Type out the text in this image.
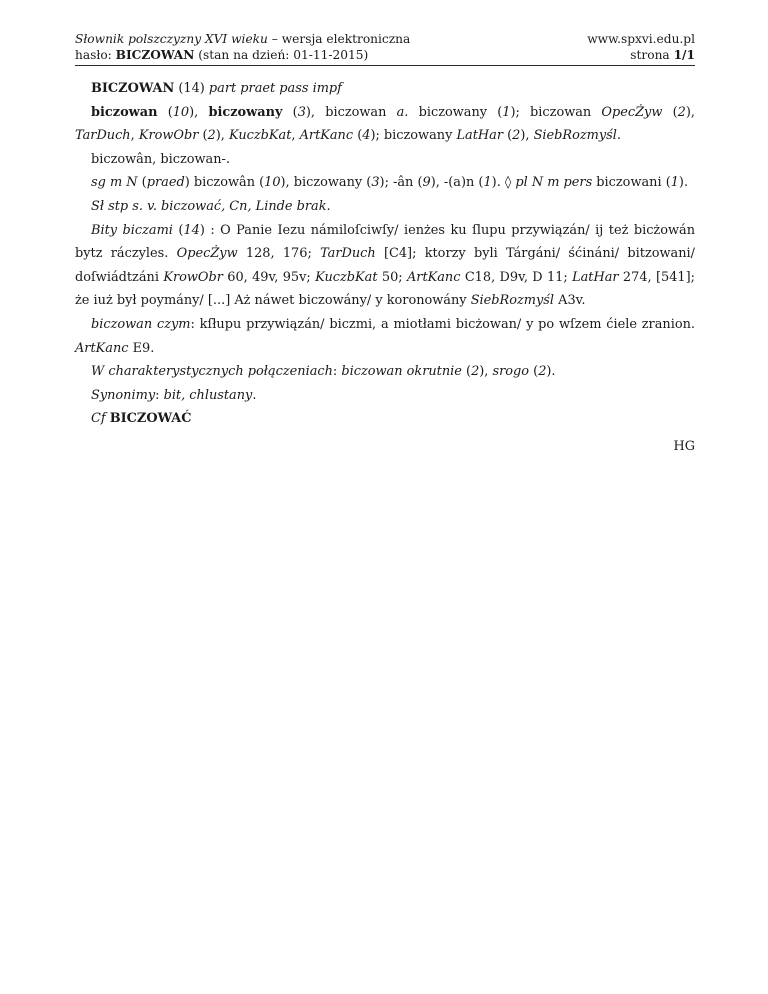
Słownik polszczyzny XVI wieku – wersja elektroniczna
hasło: BICZOWAN (stan na dzień: 01-11-2015)
www.spxvi.edu.pl
strona 1/1

BICZOWAN (14) part praet pass impf

biczowan (10), biczowany (3), biczowan a. biczowany (1); biczowan OpecŻyw (2), TarDuch, KrowObr (2), KuczbKat, ArtKanc (4); biczowany LatHar (2), SiebRozmyśl.

biczowân, biczowan-.

sg m N (praed) biczowân (10), biczowany (3); -ân (9), -(a)n (1). ◊ pl N m pers biczowani (1).

Sł stp s. v. biczować, Cn, Linde brak.

Bity biczami (14) : O Panie Iezu námiloſciwſy/ ienżes ku ſlupu przywiązán/ ij też bicżowán bytz ráczyles. OpecŻyw 128, 176; TarDuch [C4]; ktorzy byli Tárgáni/ śćináni/ bitzowani/ doſwiádtzáni KrowObr 60, 49v, 95v; KuczbKat 50; ArtKanc C18, D9v, D 11; LatHar 274, [541]; że iuż był poymány/ [...] Aż náwet biczowány/ y koronowány SiebRozmyśl A3v.

biczowan czym: kſłupu przywiązán/ biczmi, a miotłami bicżowan/ y po wſzem ćiele zranion. ArtKanc E9.

W charakterystycznych połączeniach: biczowan okrutnie (2), srogo (2).

Synonimy: bit, chlustany.

Cf BICZOWAĆ

HG
